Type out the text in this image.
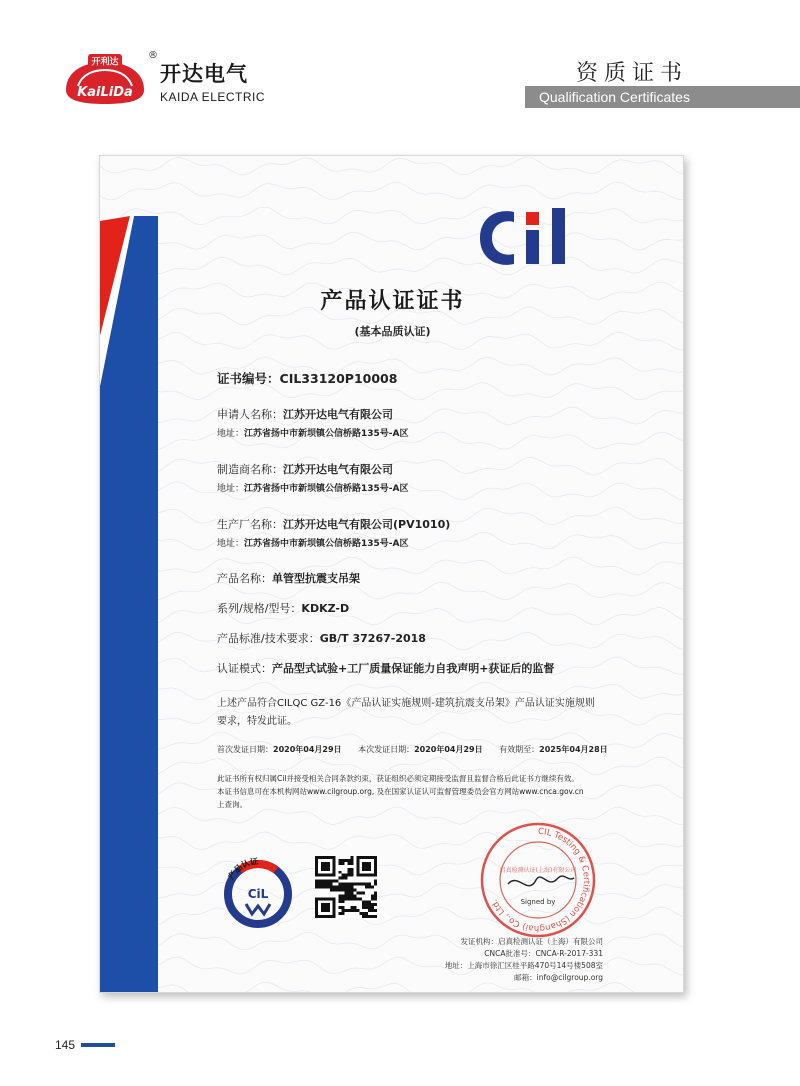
开利达
KaiLiDa
®
开达电气
KAIDA ELECTRIC
资质证书
Qualification Certificates
产品认证证书
(基本品质认证)
证书编号：CIL33120P10008
申请人名称：江苏开达电气有限公司
地址：江苏省扬中市新坝镇公信桥路135号-A区
制造商名称：江苏开达电气有限公司
地址：江苏省扬中市新坝镇公信桥路135号-A区
生产厂名称：江苏开达电气有限公司(PV1010)
地址：江苏省扬中市新坝镇公信桥路135号-A区
产品名称：单管型抗震支吊架
系列/规格/型号：KDKZ-D
产品标准/技术要求：GB/T 37267-2018
认证模式：产品型式试验+工厂质量保证能力自我声明+获证后的监督
上述产品符合CILQC GZ-16《产品认证实施规则-建筑抗震支吊架》产品认证实施规则
要求，特发此证。
首次发证日期：2020年04月29日 本次发证日期：2020年04月29日 有效期至：2025年04月28日
此证书所有权归属Cil并接受相关合同条款约束，获证组织必须定期接受监督且监督合格后此证书方继续有效。
本证书信息可在本机构网站www.cilgroup.org, 及在国家认证认可监督管理委员会官方网站www.cnca.gov.cn
上查询。
产品认证
CERTIFICATION MARK
CiL
CIL Testing & Certification (Shanghai) Co., Ltd.
启真检测认证(上海)有限公司
Signed by
发证机构：启真检测认证（上海）有限公司
CNCA批准号：CNCA-R-2017-331
地址：上海市徐汇区桂平路470号14号楼508室
邮箱：info@cilgroup.org
145
